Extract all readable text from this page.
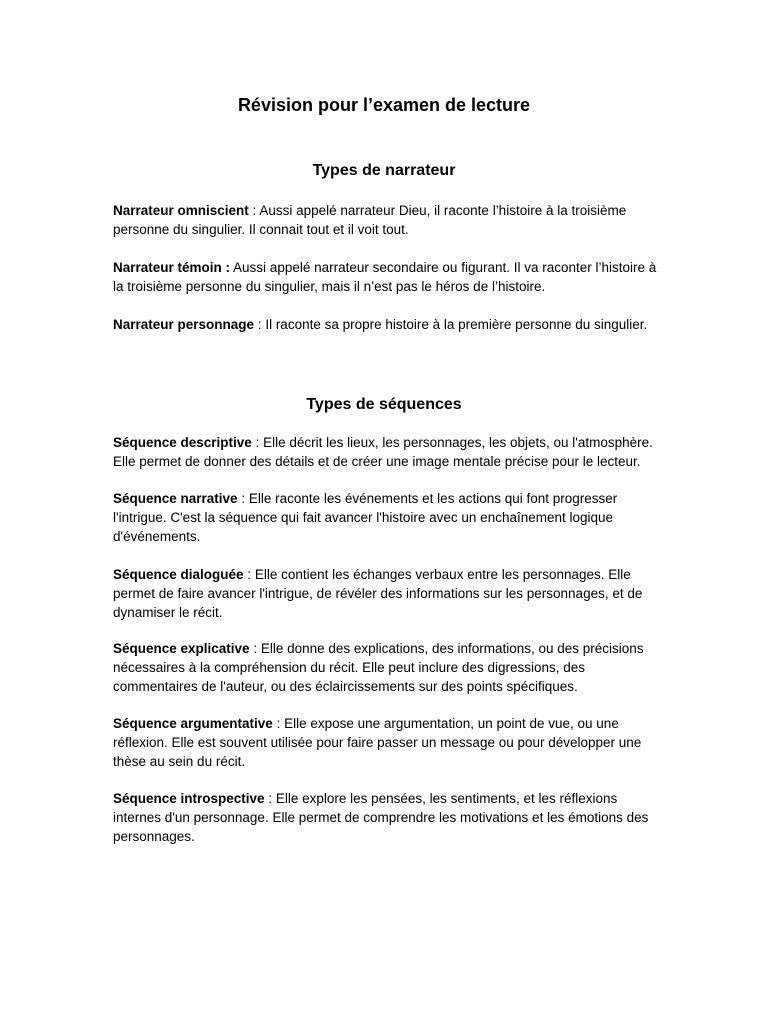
Révision pour l’examen de lecture
Types de narrateur

Narrateur omniscient : Aussi appelé narrateur Dieu, il raconte l’histoire à la troisième personne du singulier. Il connait tout et il voit tout.

Narrateur témoin : Aussi appelé narrateur secondaire ou figurant. Il va raconter l’histoire à la troisième personne du singulier, mais il n’est pas le héros de l’histoire.

Narrateur personnage : Il raconte sa propre histoire à la première personne du singulier.

Types de séquences

Séquence descriptive : Elle décrit les lieux, les personnages, les objets, ou l'atmosphère. Elle permet de donner des détails et de créer une image mentale précise pour le lecteur.

Séquence narrative : Elle raconte les événements et les actions qui font progresser l'intrigue. C'est la séquence qui fait avancer l'histoire avec un enchaînement logique d'événements.

Séquence dialoguée : Elle contient les échanges verbaux entre les personnages. Elle permet de faire avancer l'intrigue, de révéler des informations sur les personnages, et de dynamiser le récit.

Séquence explicative : Elle donne des explications, des informations, ou des précisions nécessaires à la compréhension du récit. Elle peut inclure des digressions, des commentaires de l'auteur, ou des éclaircissements sur des points spécifiques.

Séquence argumentative : Elle expose une argumentation, un point de vue, ou une réflexion. Elle est souvent utilisée pour faire passer un message ou pour développer une thèse au sein du récit.

Séquence introspective : Elle explore les pensées, les sentiments, et les réflexions internes d'un personnage. Elle permet de comprendre les motivations et les émotions des personnages.
